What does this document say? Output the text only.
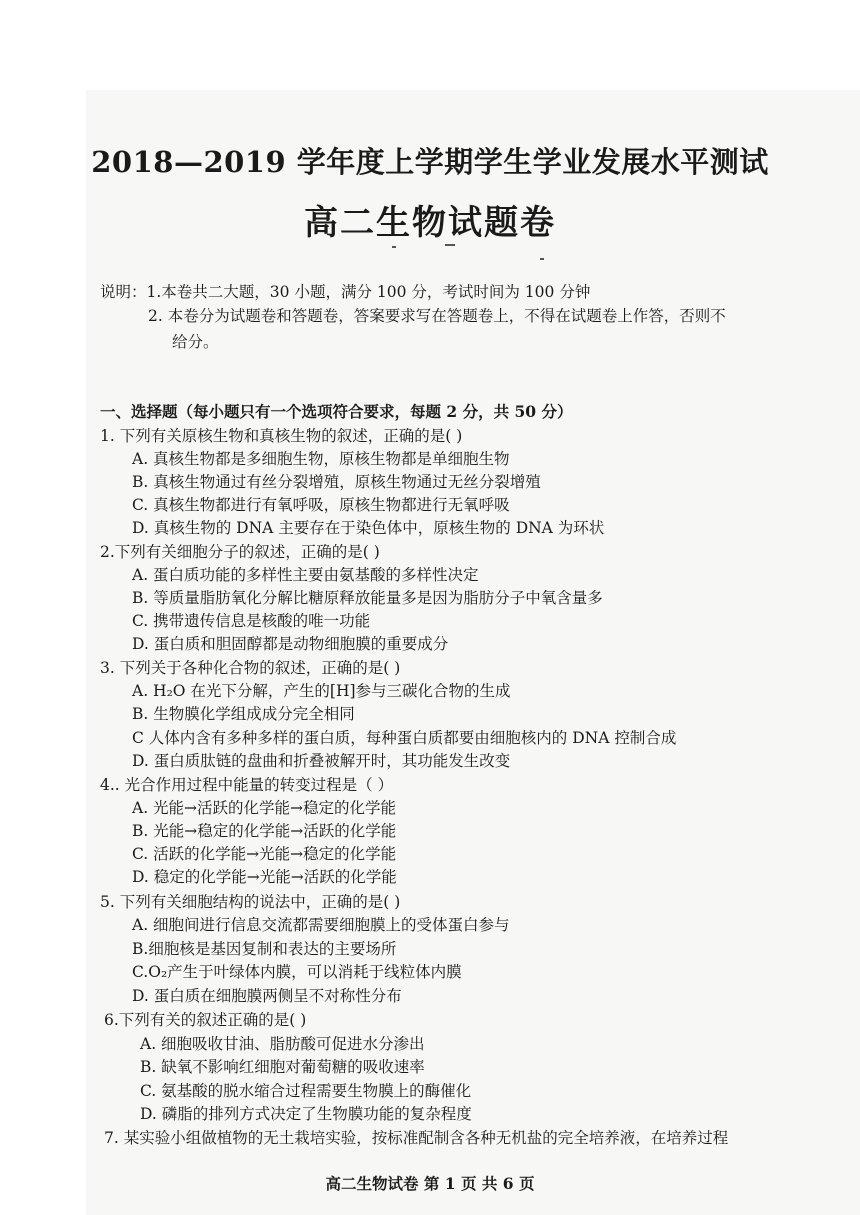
2018—2019 学年度上学期学生学业发展水平测试
高二生物试题卷
说明：1.本卷共二大题，30 小题，满分 100 分，考试时间为 100 分钟
2. 本卷分为试题卷和答题卷，答案要求写在答题卷上，不得在试题卷上作答，否则不
给分。
一、选择题（每小题只有一个选项符合要求，每题 2 分，共 50 分）
1. 下列有关原核生物和真核生物的叙述，正确的是( )
A. 真核生物都是多细胞生物，原核生物都是单细胞生物
B. 真核生物通过有丝分裂增殖，原核生物通过无丝分裂增殖
C. 真核生物都进行有氧呼吸，原核生物都进行无氧呼吸
D. 真核生物的 DNA 主要存在于染色体中，原核生物的 DNA 为环状
2.下列有关细胞分子的叙述，正确的是( )
A. 蛋白质功能的多样性主要由氨基酸的多样性决定
B. 等质量脂肪氧化分解比糖原释放能量多是因为脂肪分子中氧含量多
C. 携带遗传信息是核酸的唯一功能
D. 蛋白质和胆固醇都是动物细胞膜的重要成分
3. 下列关于各种化合物的叙述，正确的是( )
A. H₂O 在光下分解，产生的[H]参与三碳化合物的生成
B. 生物膜化学组成成分完全相同
C 人体内含有多种多样的蛋白质，每种蛋白质都要由细胞核内的 DNA 控制合成
D. 蛋白质肽链的盘曲和折叠被解开时，其功能发生改变
4.. 光合作用过程中能量的转变过程是（ ）
A. 光能→活跃的化学能→稳定的化学能
B. 光能→稳定的化学能→活跃的化学能
C. 活跃的化学能→光能→稳定的化学能
D. 稳定的化学能→光能→活跃的化学能
5. 下列有关细胞结构的说法中，正确的是( )
A. 细胞间进行信息交流都需要细胞膜上的受体蛋白参与
B.细胞核是基因复制和表达的主要场所
C.O₂产生于叶绿体内膜，可以消耗于线粒体内膜
D. 蛋白质在细胞膜两侧呈不对称性分布
6.下列有关的叙述正确的是( )
A. 细胞吸收甘油、脂肪酸可促进水分渗出
B. 缺氧不影响红细胞对葡萄糖的吸收速率
C. 氨基酸的脱水缩合过程需要生物膜上的酶催化
D. 磷脂的排列方式决定了生物膜功能的复杂程度
7. 某实验小组做植物的无土栽培实验，按标准配制含各种无机盐的完全培养液，在培养过程
高二生物试卷 第 1 页 共 6 页
